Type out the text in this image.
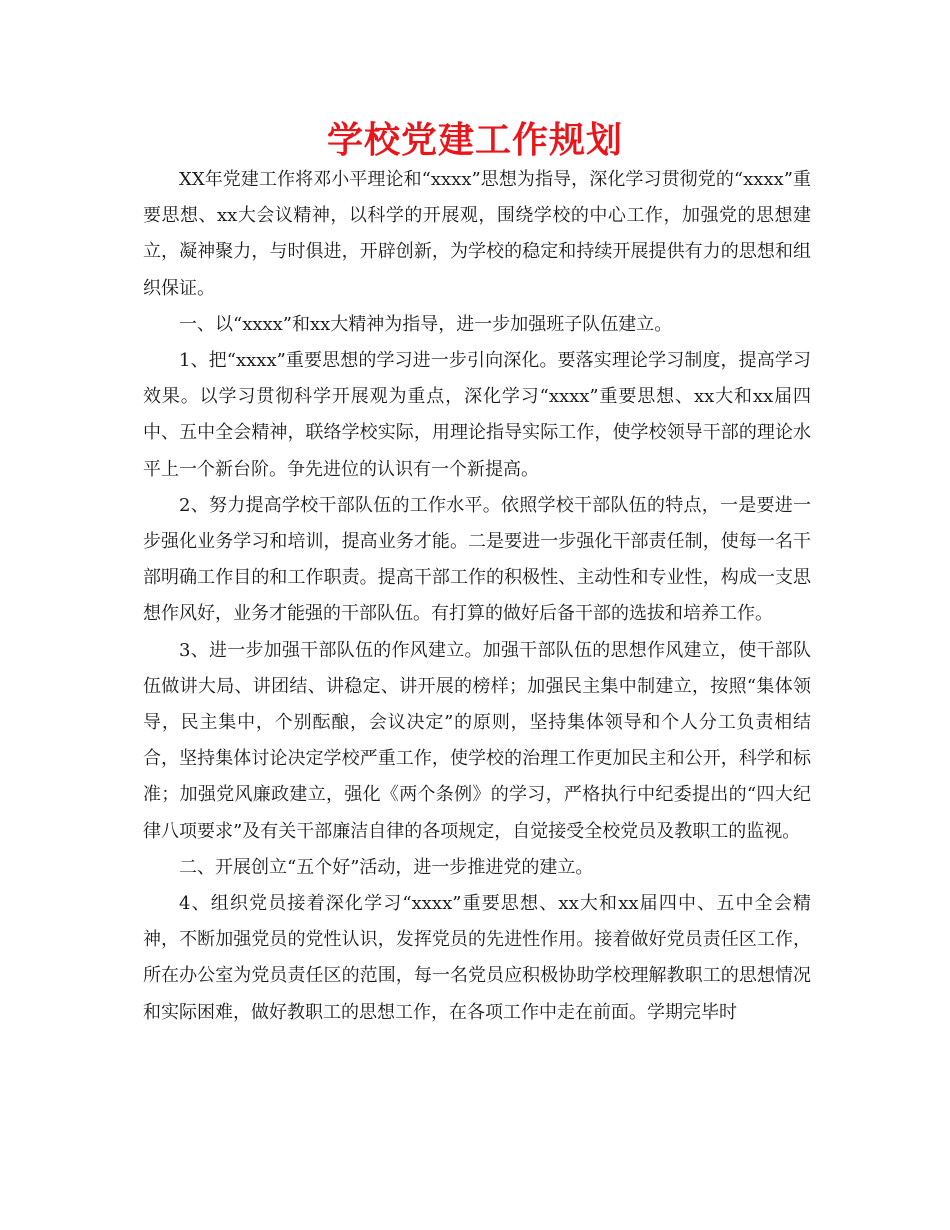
学校党建工作规划

XX年党建工作将邓小平理论和“xxxx”思想为指导，深化学习贯彻党的“xxxx”重要思想、xx大会议精神，以科学的开展观，围绕学校的中心工作，加强党的思想建立，凝神聚力，与时俱进，开辟创新，为学校的稳定和持续开展提供有力的思想和组织保证。

一、以“xxxx”和xx大精神为指导，进一步加强班子队伍建立。

1、把“xxxx”重要思想的学习进一步引向深化。要落实理论学习制度，提高学习效果。以学习贯彻科学开展观为重点，深化学习“xxxx”重要思想、xx大和xx届四中、五中全会精神，联络学校实际，用理论指导实际工作，使学校领导干部的理论水平上一个新台阶。争先进位的认识有一个新提高。

2、努力提高学校干部队伍的工作水平。依照学校干部队伍的特点，一是要进一步强化业务学习和培训，提高业务才能。二是要进一步强化干部责任制，使每一名干部明确工作目的和工作职责。提高干部工作的积极性、主动性和专业性，构成一支思想作风好，业务才能强的干部队伍。有打算的做好后备干部的选拔和培养工作。

3、进一步加强干部队伍的作风建立。加强干部队伍的思想作风建立，使干部队伍做讲大局、讲团结、讲稳定、讲开展的榜样；加强民主集中制建立，按照“集体领导，民主集中，个别酝酿，会议决定”的原则，坚持集体领导和个人分工负责相结合，坚持集体讨论决定学校严重工作，使学校的治理工作更加民主和公开，科学和标准；加强党风廉政建立，强化《两个条例》的学习，严格执行中纪委提出的“四大纪律八项要求”及有关干部廉洁自律的各项规定，自觉接受全校党员及教职工的监视。

二、开展创立“五个好”活动，进一步推进党的建立。

4、组织党员接着深化学习“xxxx”重要思想、xx大和xx届四中、五中全会精神，不断加强党员的党性认识，发挥党员的先进性作用。接着做好党员责任区工作，所在办公室为党员责任区的范围，每一名党员应积极协助学校理解教职工的思想情况和实际困难，做好教职工的思想工作，在各项工作中走在前面。学期完毕时
